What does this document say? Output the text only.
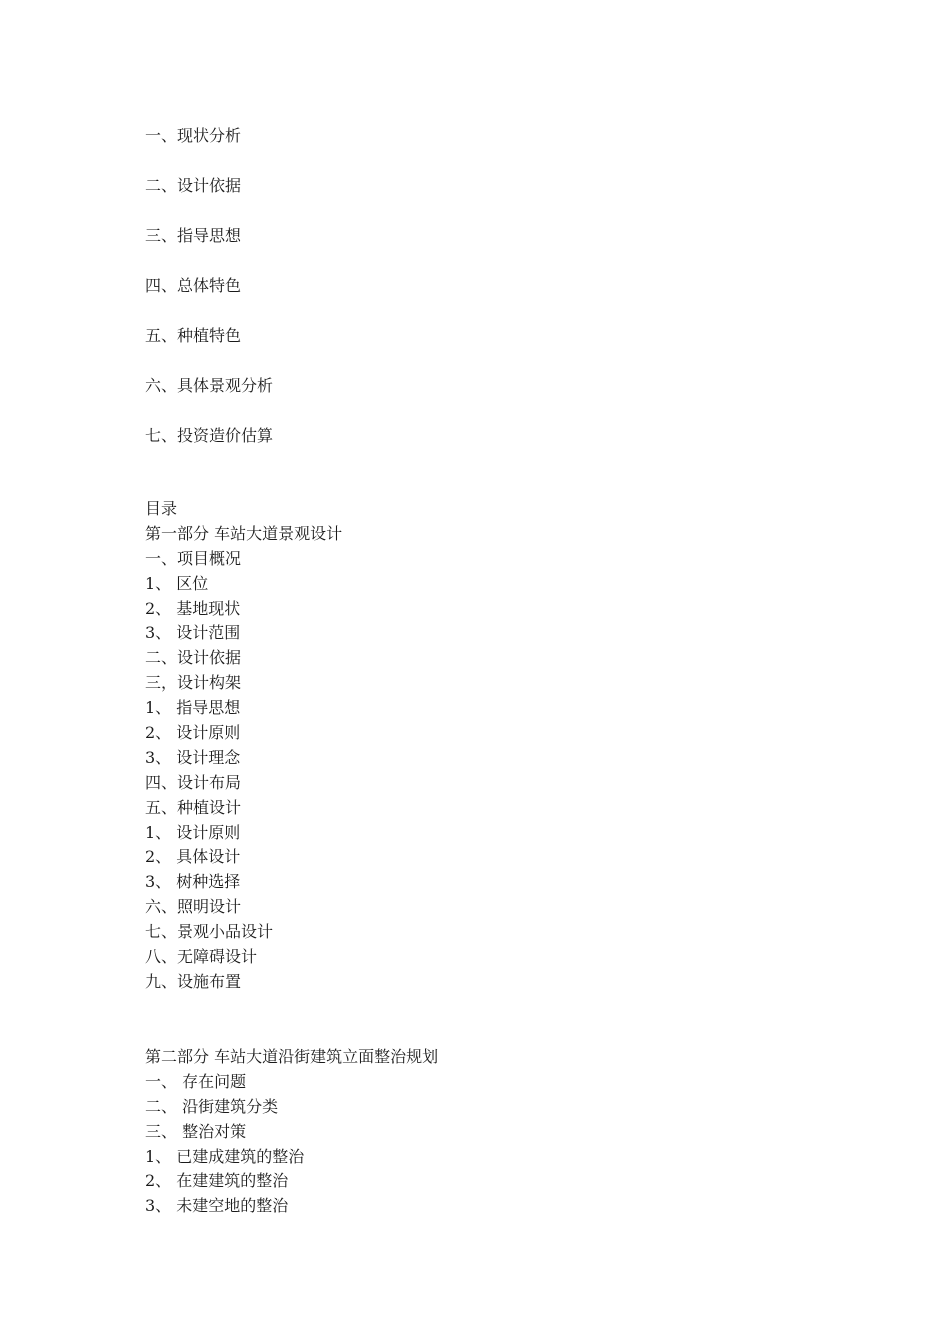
一、现状分析
二、设计依据
三、指导思想
四、总体特色
五、种植特色
六、具体景观分析
七、投资造价估算
目录
第一部分 车站大道景观设计
一、项目概况
1、 区位
2、 基地现状
3、 设计范围
二、设计依据
三，设计构架
1、 指导思想
2、 设计原则
3、 设计理念
四、设计布局
五、种植设计
1、 设计原则
2、 具体设计
3、 树种选择
六、照明设计
七、景观小品设计
八、无障碍设计
九、设施布置
第二部分 车站大道沿街建筑立面整治规划
一、 存在问题
二、 沿街建筑分类
三、 整治对策
1、 已建成建筑的整治
2、 在建建筑的整治
3、 未建空地的整治
